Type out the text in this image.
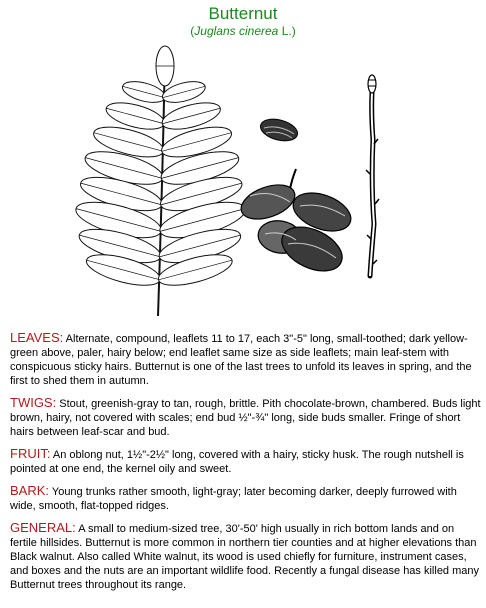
Butternut
(Juglans cinerea L.)

LEAVES: Alternate, compound, leaflets 11 to 17, each 3"-5" long, small-toothed; dark yellow-green above, paler, hairy below; end leaflet same size as side leaflets; main leaf-stem with conspicuous sticky hairs. Butternut is one of the last trees to unfold its leaves in spring, and the first to shed them in autumn.

TWIGS: Stout, greenish-gray to tan, rough, brittle. Pith chocolate-brown, chambered. Buds light brown, hairy, not covered with scales; end bud ½"-¾" long, side buds smaller. Fringe of short hairs between leaf-scar and bud.

FRUIT: An oblong nut, 1½"-2½" long, covered with a hairy, sticky husk. The rough nutshell is pointed at one end, the kernel oily and sweet.

BARK: Young trunks rather smooth, light-gray; later becoming darker, deeply furrowed with wide, smooth, flat-topped ridges.

GENERAL: A small to medium-sized tree, 30'-50' high usually in rich bottom lands and on fertile hillsides. Butternut is more common in northern tier counties and at higher elevations than Black walnut. Also called White walnut, its wood is used chiefly for furniture, instrument cases, and boxes and the nuts are an important wildlife food. Recently a fungal disease has killed many Butternut trees throughout its range.
